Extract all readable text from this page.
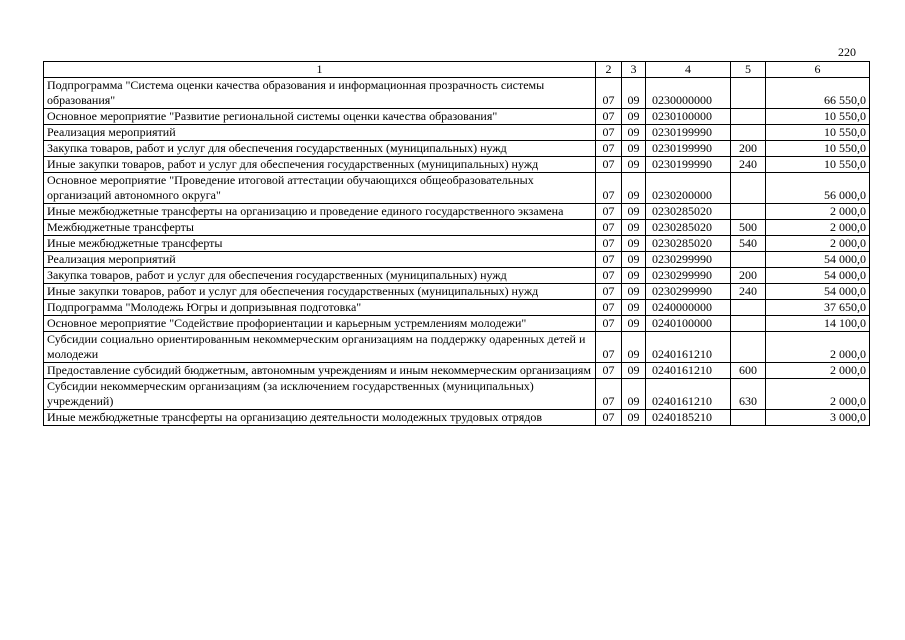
220
1	2	3	4	5	6
Подпрограмма "Система оценки качества образования и информационная прозрачность системы образования"	07	09	0230000000		66 550,0
Основное мероприятие "Развитие региональной системы оценки качества образования"	07	09	0230100000		10 550,0
Реализация мероприятий	07	09	0230199990		10 550,0
Закупка товаров, работ и услуг для обеспечения государственных (муниципальных) нужд	07	09	0230199990	200	10 550,0
Иные закупки товаров, работ и услуг для обеспечения государственных (муниципальных) нужд	07	09	0230199990	240	10 550,0
Основное мероприятие "Проведение итоговой аттестации обучающихся общеобразовательных организаций автономного округа"	07	09	0230200000		56 000,0
Иные межбюджетные трансферты на организацию и проведение единого государственного экзамена	07	09	0230285020		2 000,0
Межбюджетные трансферты	07	09	0230285020	500	2 000,0
Иные межбюджетные трансферты	07	09	0230285020	540	2 000,0
Реализация мероприятий	07	09	0230299990		54 000,0
Закупка товаров, работ и услуг для обеспечения государственных (муниципальных) нужд	07	09	0230299990	200	54 000,0
Иные закупки товаров, работ и услуг для обеспечения государственных (муниципальных) нужд	07	09	0230299990	240	54 000,0
Подпрограмма "Молодежь Югры и допризывная подготовка"	07	09	0240000000		37 650,0
Основное мероприятие "Содействие профориентации и карьерным устремлениям молодежи"	07	09	0240100000		14 100,0
Субсидии социально ориентированным некоммерческим организациям на поддержку одаренных детей и молодежи	07	09	0240161210		2 000,0
Предоставление субсидий бюджетным, автономным учреждениям и иным некоммерческим организациям	07	09	0240161210	600	2 000,0
Субсидии некоммерческим организациям (за исключением государственных (муниципальных) учреждений)	07	09	0240161210	630	2 000,0
Иные межбюджетные трансферты на организацию деятельности молодежных трудовых отрядов	07	09	0240185210		3 000,0
